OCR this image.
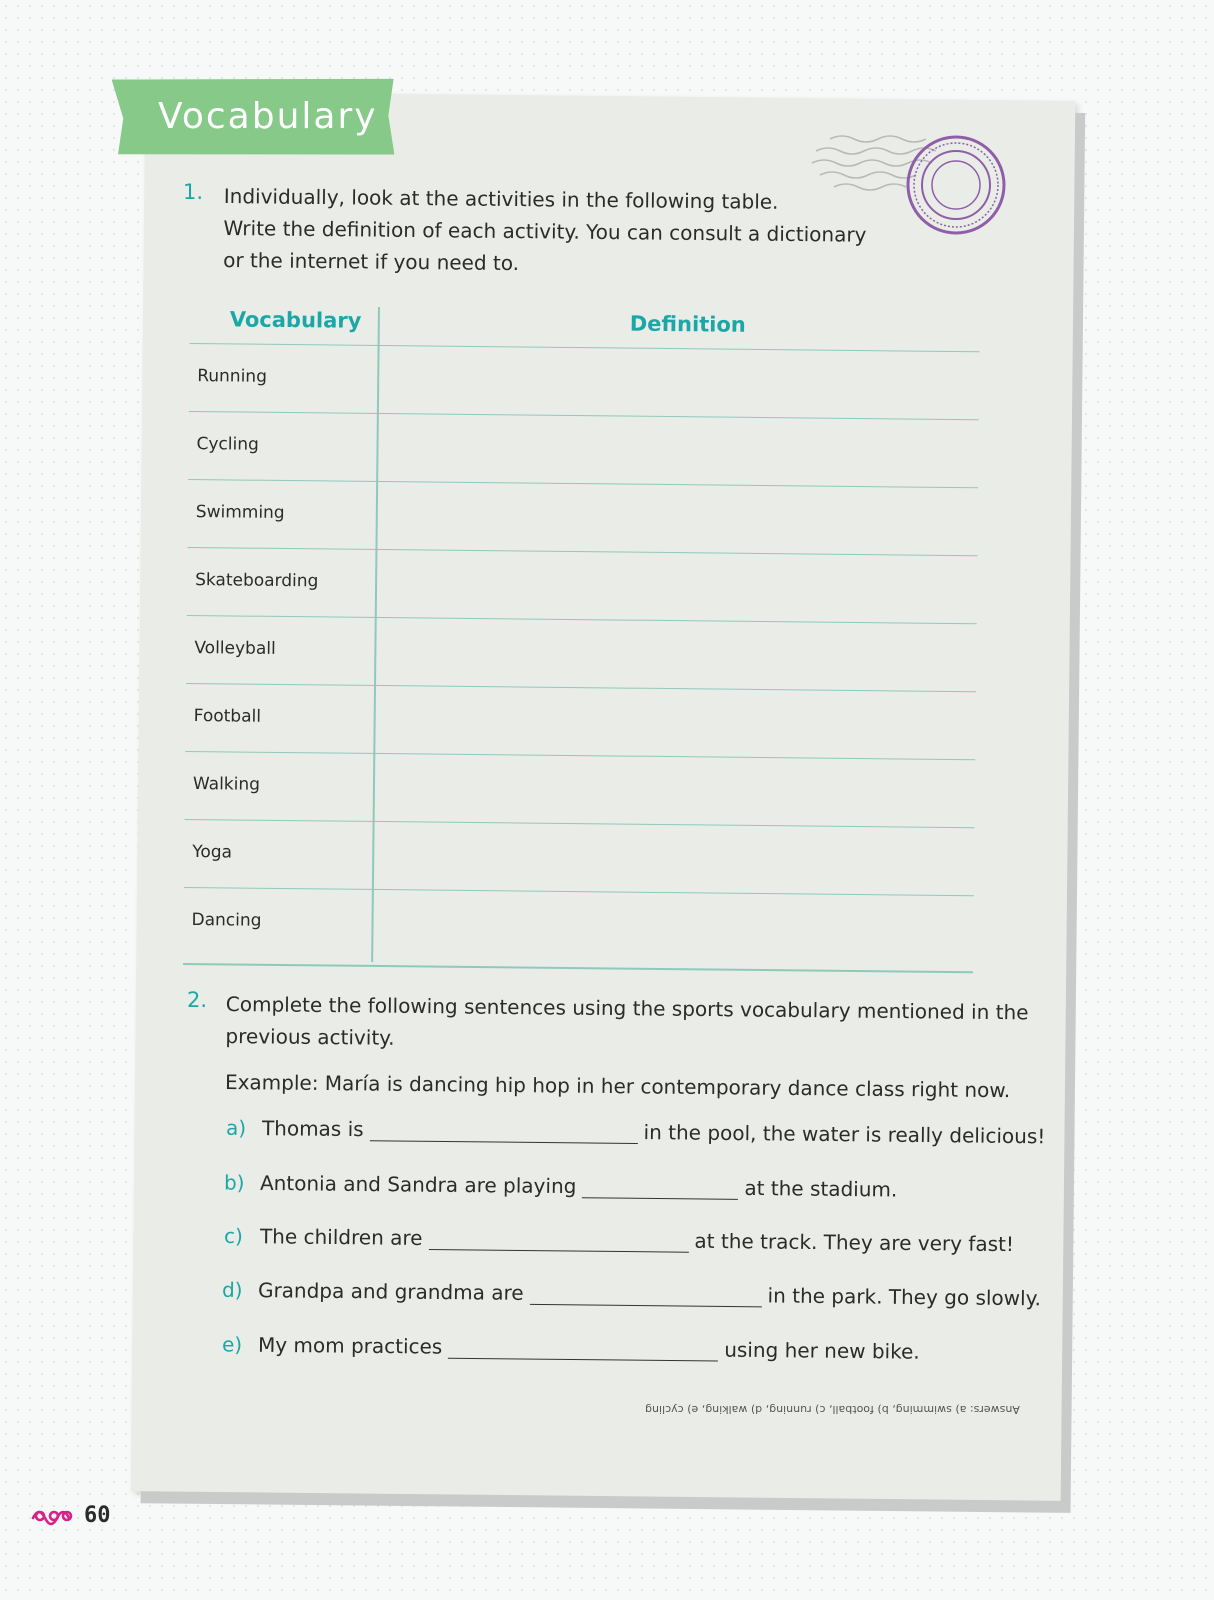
Vocabulary
1. Individually, look at the activities in the following table.
Write the definition of each activity. You can consult a dictionary
or the internet if you need to.
Vocabulary	Definition
Running
Cycling
Swimming
Skateboarding
Volleyball
Football
Walking
Yoga
Dancing
2. Complete the following sentences using the sports vocabulary mentioned in the
previous activity.
Example: María is dancing hip hop in her contemporary dance class right now.
a) Thomas is	in the pool, the water is really delicious!
b) Antonia and Sandra are playing	at the stadium.
c) The children are	at the track. They are very fast!
d) Grandpa and grandma are	in the park. They go slowly.
e) My mom practices	using her new bike.
Answers: a) swimming, b) football, c) running, d) walking, e) cycling
60
